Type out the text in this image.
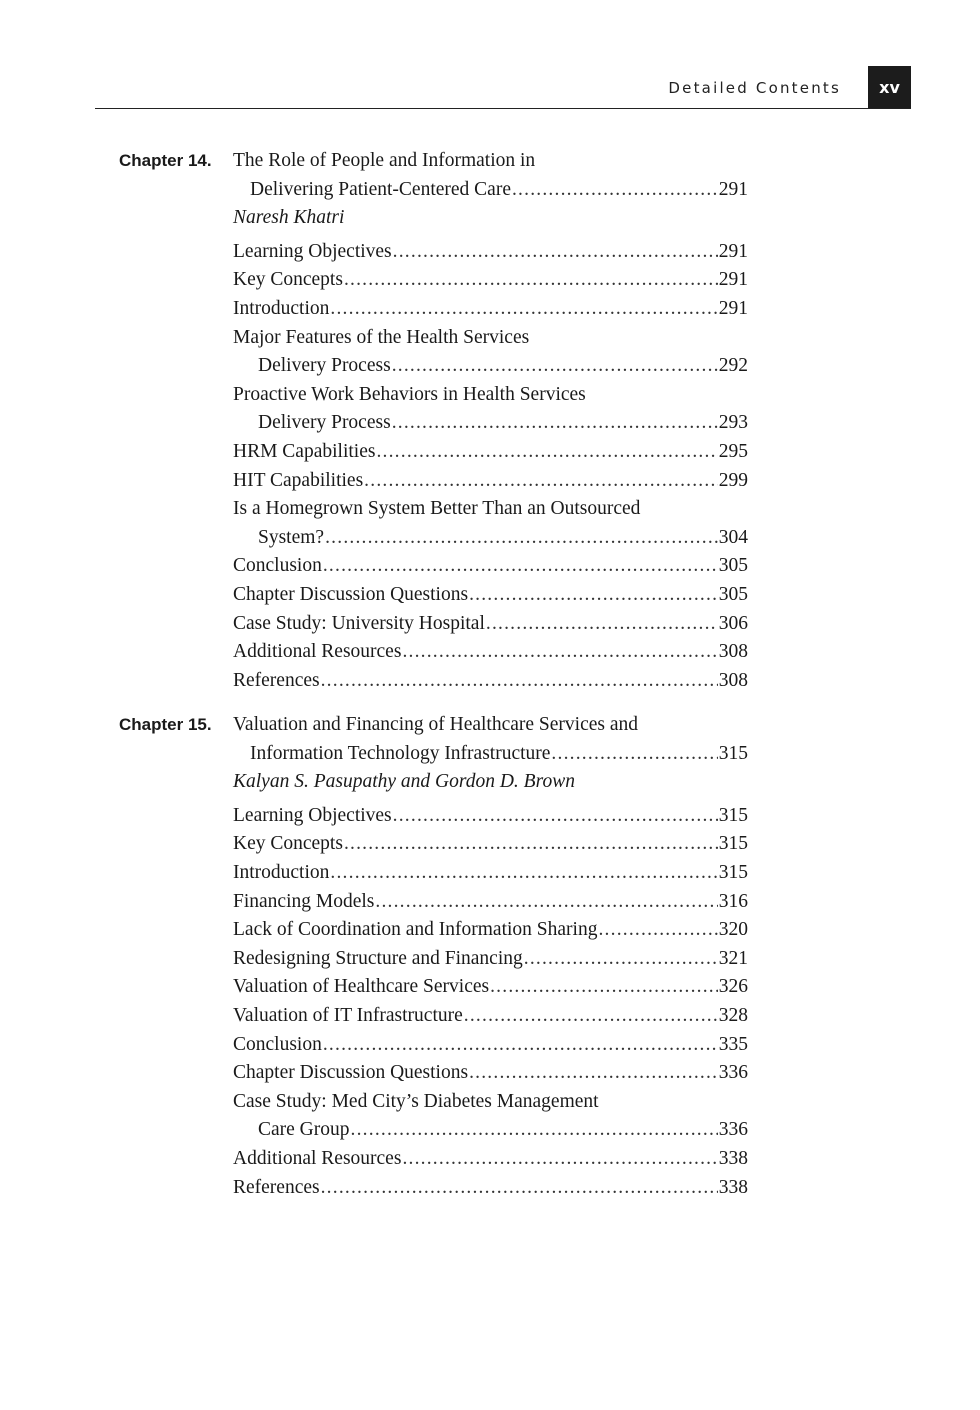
Detailed Contents	xv
Chapter 14. The Role of People and Information in
Delivering Patient-Centered Care .....	291
Naresh Khatri
Learning Objectives .....	291
Key Concepts .....	291
Introduction .....	291
Major Features of the Health Services
Delivery Process .....	292
Proactive Work Behaviors in Health Services
Delivery Process .....	293
HRM Capabilities .....	295
HIT Capabilities .....	299
Is a Homegrown System Better Than an Outsourced
System? .....	304
Conclusion .....	305
Chapter Discussion Questions .....	305
Case Study: University Hospital .....	306
Additional Resources .....	308
References .....	308
Chapter 15. Valuation and Financing of Healthcare Services and
Information Technology Infrastructure .....	315
Kalyan S. Pasupathy and Gordon D. Brown
Learning Objectives .....	315
Key Concepts .....	315
Introduction .....	315
Financing Models .....	316
Lack of Coordination and Information Sharing .....	320
Redesigning Structure and Financing .....	321
Valuation of Healthcare Services .....	326
Valuation of IT Infrastructure .....	328
Conclusion .....	335
Chapter Discussion Questions .....	336
Case Study: Med City’s Diabetes Management
Care Group .....	336
Additional Resources .....	338
References .....	338
